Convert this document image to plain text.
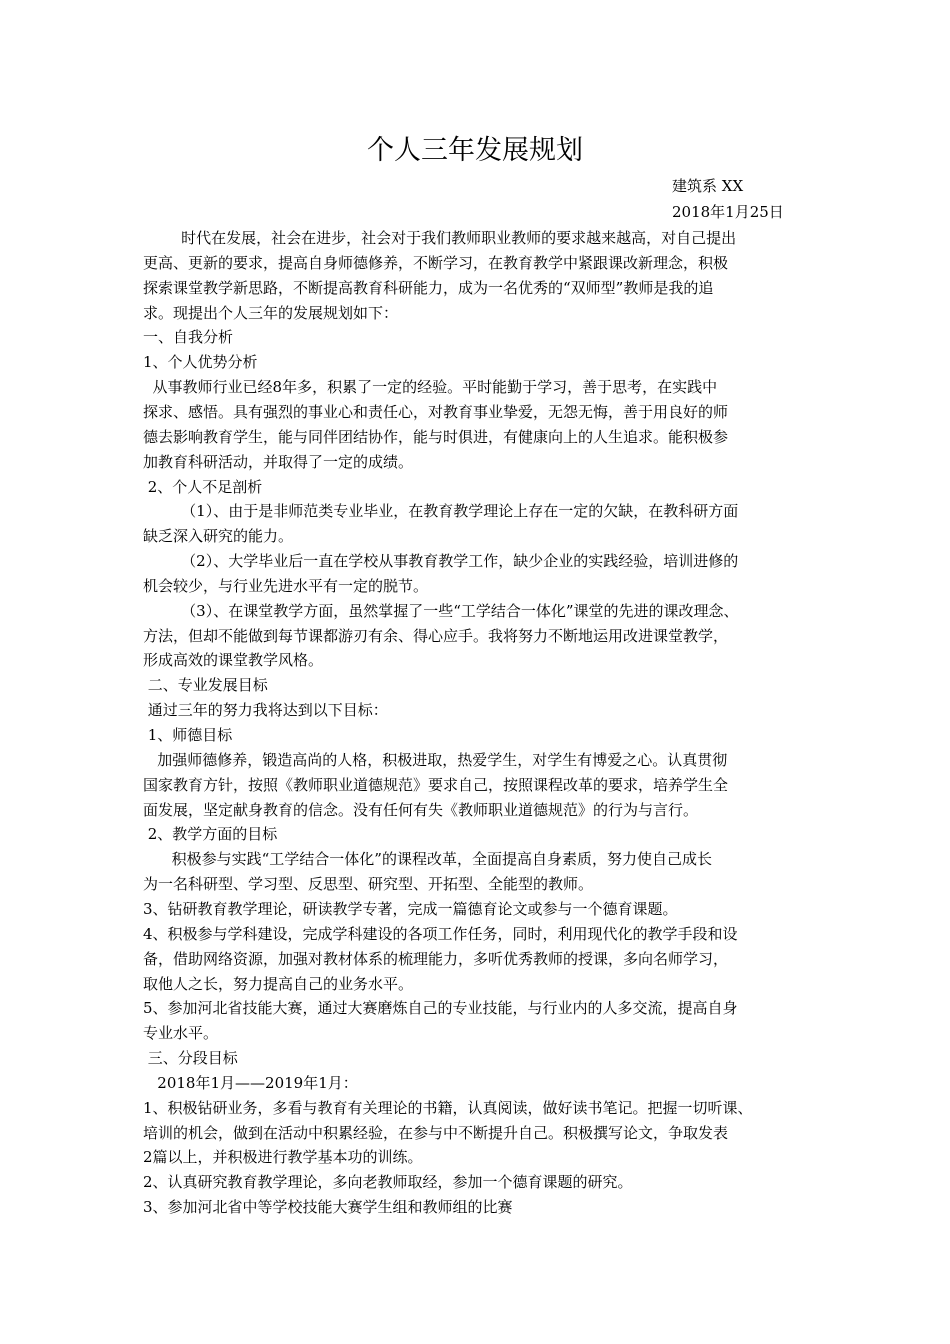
个人三年发展规划
建筑系 XX
2018年1月25日
时代在发展，社会在进步，社会对于我们教师职业教师的要求越来越高，对自己提出
更高、更新的要求，提高自身师德修养，不断学习，在教育教学中紧跟课改新理念，积极
探索课堂教学新思路，不断提高教育科研能力，成为一名优秀的“双师型”教师是我的追
求。现提出个人三年的发展规划如下：
一、自我分析
1、个人优势分析
从事教师行业已经8年多，积累了一定的经验。平时能勤于学习，善于思考，在实践中
探求、感悟。具有强烈的事业心和责任心，对教育事业挚爱，无怨无悔，善于用良好的师
德去影响教育学生，能与同伴团结协作，能与时俱进，有健康向上的人生追求。能积极参
加教育科研活动，并取得了一定的成绩。
2、个人不足剖析
（1）、由于是非师范类专业毕业，在教育教学理论上存在一定的欠缺，在教科研方面
缺乏深入研究的能力。
（2）、大学毕业后一直在学校从事教育教学工作，缺少企业的实践经验，培训进修的
机会较少，与行业先进水平有一定的脱节。
（3）、在课堂教学方面，虽然掌握了一些“工学结合一体化”课堂的先进的课改理念、
方法，但却不能做到每节课都游刃有余、得心应手。我将努力不断地运用改进课堂教学，
形成高效的课堂教学风格。
二、专业发展目标
通过三年的努力我将达到以下目标：
1、师德目标
加强师德修养，锻造高尚的人格，积极进取，热爱学生，对学生有博爱之心。认真贯彻
国家教育方针，按照《教师职业道德规范》要求自己，按照课程改革的要求，培养学生全
面发展，坚定献身教育的信念。没有任何有失《教师职业道德规范》的行为与言行。
2、教学方面的目标
积极参与实践“工学结合一体化”的课程改革，全面提高自身素质，努力使自己成长
为一名科研型、学习型、反思型、研究型、开拓型、全能型的教师。
3、钻研教育教学理论，研读教学专著，完成一篇德育论文或参与一个德育课题。
4、积极参与学科建设，完成学科建设的各项工作任务，同时，利用现代化的教学手段和设
备，借助网络资源，加强对教材体系的梳理能力，多听优秀教师的授课，多向名师学习，
取他人之长，努力提高自己的业务水平。
5、参加河北省技能大赛，通过大赛磨炼自己的专业技能，与行业内的人多交流，提高自身
专业水平。
三、分段目标
2018年1月——2019年1月：
1、积极钻研业务，多看与教育有关理论的书籍，认真阅读，做好读书笔记。把握一切听课、
培训的机会，做到在活动中积累经验，在参与中不断提升自己。积极撰写论文，争取发表
2篇以上，并积极进行教学基本功的训练。
2、认真研究教育教学理论，多向老教师取经，参加一个德育课题的研究。
3、参加河北省中等学校技能大赛学生组和教师组的比赛
